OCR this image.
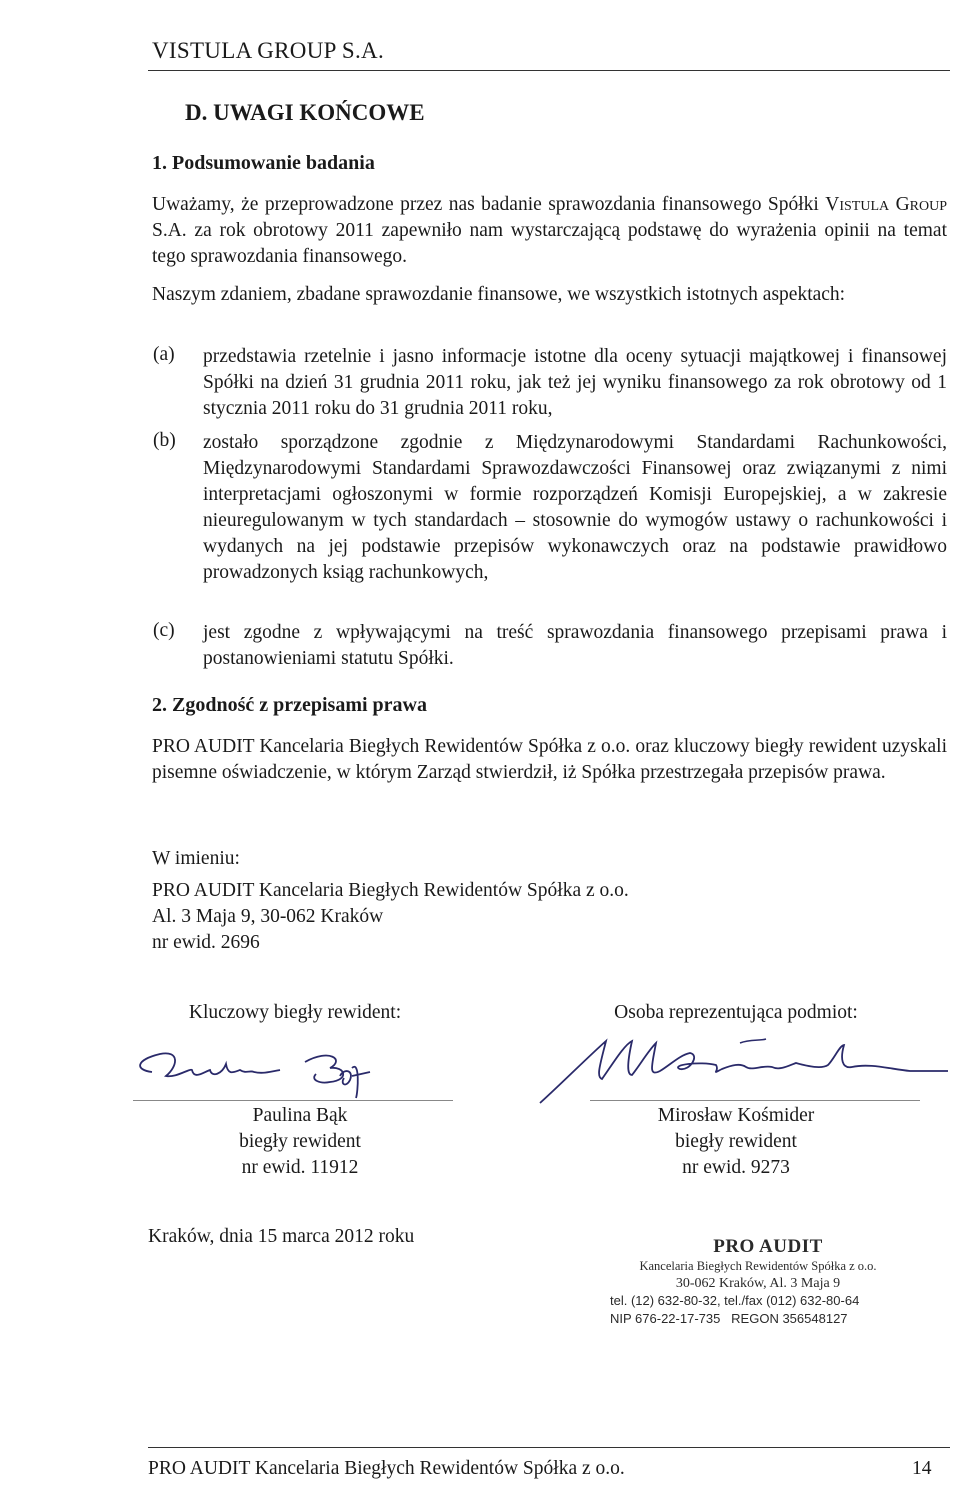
VISTULA GROUP S.A.
D. UWAGI KOŃCOWE
1. Podsumowanie badania
Uważamy, że przeprowadzone przez nas badanie sprawozdania finansowego Spółki Vistula Group S.A. za rok obrotowy 2011 zapewniło nam wystarczającą podstawę do wyrażenia opinii na temat tego sprawozdania finansowego.
Naszym zdaniem, zbadane sprawozdanie finansowe, we wszystkich istotnych aspektach:
(a) przedstawia rzetelnie i jasno informacje istotne dla oceny sytuacji majątkowej i finansowej Spółki na dzień 31 grudnia 2011 roku, jak też jej wyniku finansowego za rok obrotowy od 1 stycznia 2011 roku do 31 grudnia 2011 roku,
(b) zostało sporządzone zgodnie z Międzynarodowymi Standardami Rachunkowości, Międzynarodowymi Standardami Sprawozdawczości Finansowej oraz związanymi z nimi interpretacjami ogłoszonymi w formie rozporządzeń Komisji Europejskiej, a w zakresie nieuregulowanym w tych standardach – stosownie do wymogów ustawy o rachunkowości i wydanych na jej podstawie przepisów wykonawczych oraz na podstawie prawidłowo prowadzonych ksiąg rachunkowych,
(c) jest zgodne z wpływającymi na treść sprawozdania finansowego przepisami prawa i postanowieniami statutu Spółki.
2. Zgodność z przepisami prawa
PRO AUDIT Kancelaria Biegłych Rewidentów Spółka z o.o. oraz kluczowy biegły rewident uzyskali pisemne oświadczenie, w którym Zarząd stwierdził, iż Spółka przestrzegała przepisów prawa.
W imieniu:
PRO AUDIT Kancelaria Biegłych Rewidentów Spółka z o.o.
Al. 3 Maja 9, 30-062 Kraków
nr ewid. 2696
Kluczowy biegły rewident:
Paulina Bąk
biegły rewident
nr ewid. 11912
Osoba reprezentująca podmiot:
Mirosław Kośmider
biegły rewident
nr ewid. 9273
Kraków, dnia 15 marca 2012 roku	PRO AUDIT
Kancelaria Biegłych Rewidentów Spółka z o.o.
30-062 Kraków, Al. 3 Maja 9
tel. (12) 632-80-32, tel./fax (012) 632-80-64
NIP 676-22-17-735   REGON 356548127
PRO AUDIT Kancelaria Biegłych Rewidentów Spółka z o.o.	14
